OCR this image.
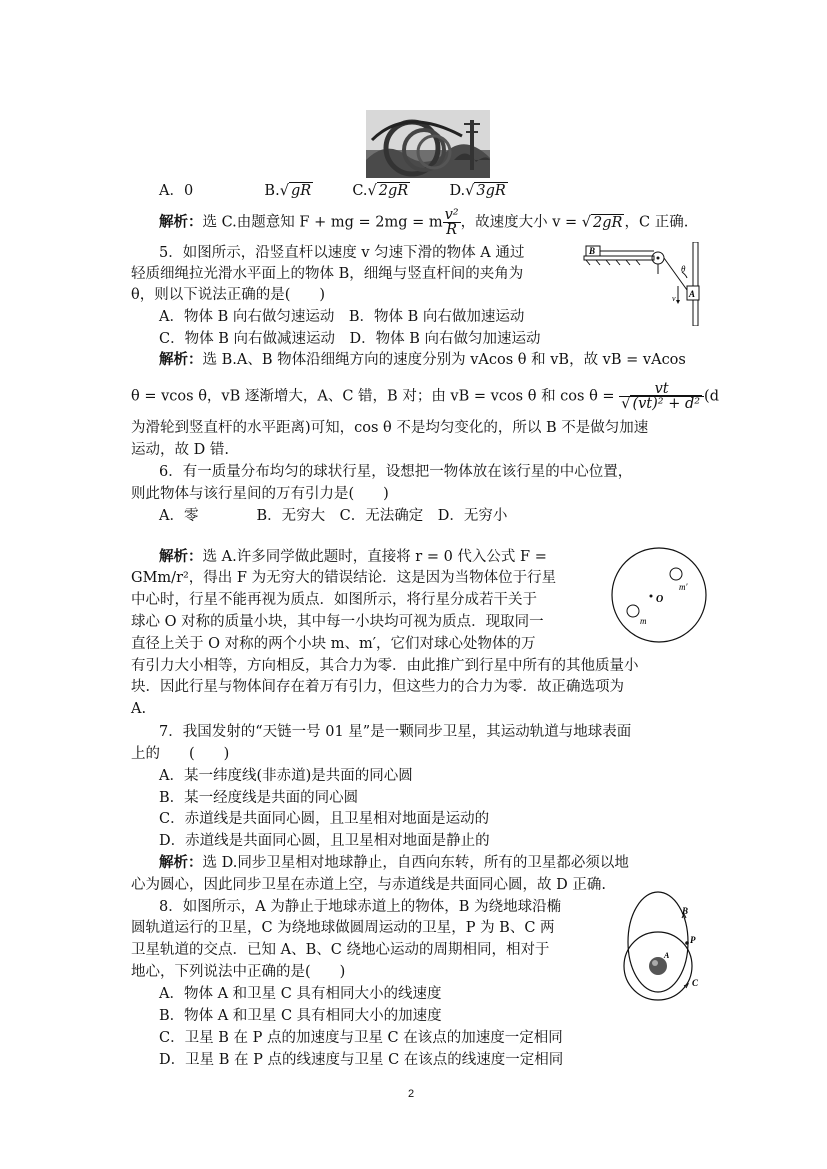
A．0	B.√ gR	C.√ 2gR	D.√ 3gR
解析：选 C.由题意知 F + mg = 2mg = m $\frac{\text{v²}}{R}$ ，故速度大小 v = √ 2gR ，C 正确.
5．如图所示，沿竖直杆以速度 v 匀速下滑的物体 A 通过
轻质细绳拉光滑水平面上的物体 B，细绳与竖直杆间的夹角为
θ，则以下说法正确的是(　　)
A．物体 B 向右做匀速运动　B．物体 B 向右做加速运动
C．物体 B 向右做减速运动　D．物体 B 向右做匀加速运动
B
A
θ
v
解析：选 B.A、B 物体沿细绳方向的速度分别为 vAcos θ 和 vB，故 vB = vAcos
θ = vcos θ，vB 逐渐增大，A、C 错，B 对；由 vB = vcos θ 和 $\cos \theta = \frac{vt}{\text{√ (vt)² + d²}} (d$
为滑轮到竖直杆的水平距离)可知，cos θ 不是均匀变化的，所以 B 不是做匀加速
运动，故 D 错.
6．有一质量分布均匀的球状行星，设想把一物体放在该行星的中心位置，
则此物体与该行星间的万有引力是(　　)
A．零　　　　B．无穷大　C．无法确定　D．无穷小
解析：选 A.许多同学做此题时，直接将 r = 0 代入公式 F =
GMm/r²，得出 F 为无穷大的错误结论．这是因为当物体位于行星
中心时，行星不能再视为质点．如图所示，将行星分成若干关于
球心 O 对称的质量小块，其中每一小块均可视为质点．现取同一
直径上关于 O 对称的两个小块 m、m′，它们对球心处物体的万
有引力大小相等，方向相反，其合力为零．由此推广到行星中所有的其他质量小
块．因此行星与物体间存在着万有引力，但这些力的合力为零．故正确选项为
A.
m′
O
m
7．我国发射的“天链一号 01 星”是一颗同步卫星，其运动轨道与地球表面
上的　　(　　)
A．某一纬度线(非赤道)是共面的同心圆
B．某一经度线是共面的同心圆
C．赤道线是共面同心圆，且卫星相对地面是运动的
D．赤道线是共面同心圆，且卫星相对地面是静止的
解析：选 D.同步卫星相对地球静止，自西向东转，所有的卫星都必须以地
心为圆心，因此同步卫星在赤道上空，与赤道线是共面同心圆，故 D 正确.
8．如图所示，A 为静止于地球赤道上的物体，B 为绕地球沿椭
圆轨道运行的卫星，C 为绕地球做圆周运动的卫星，P 为 B、C 两
卫星轨道的交点．已知 A、B、C 绕地心运动的周期相同，相对于
地心，下列说法中正确的是(　　)
A．物体 A 和卫星 C 具有相同大小的线速度
B．物体 A 和卫星 C 具有相同大小的加速度
C．卫星 B 在 P 点的加速度与卫星 C 在该点的加速度一定相同
D．卫星 B 在 P 点的线速度与卫星 C 在该点的线速度一定相同
B
P
A
C
2
